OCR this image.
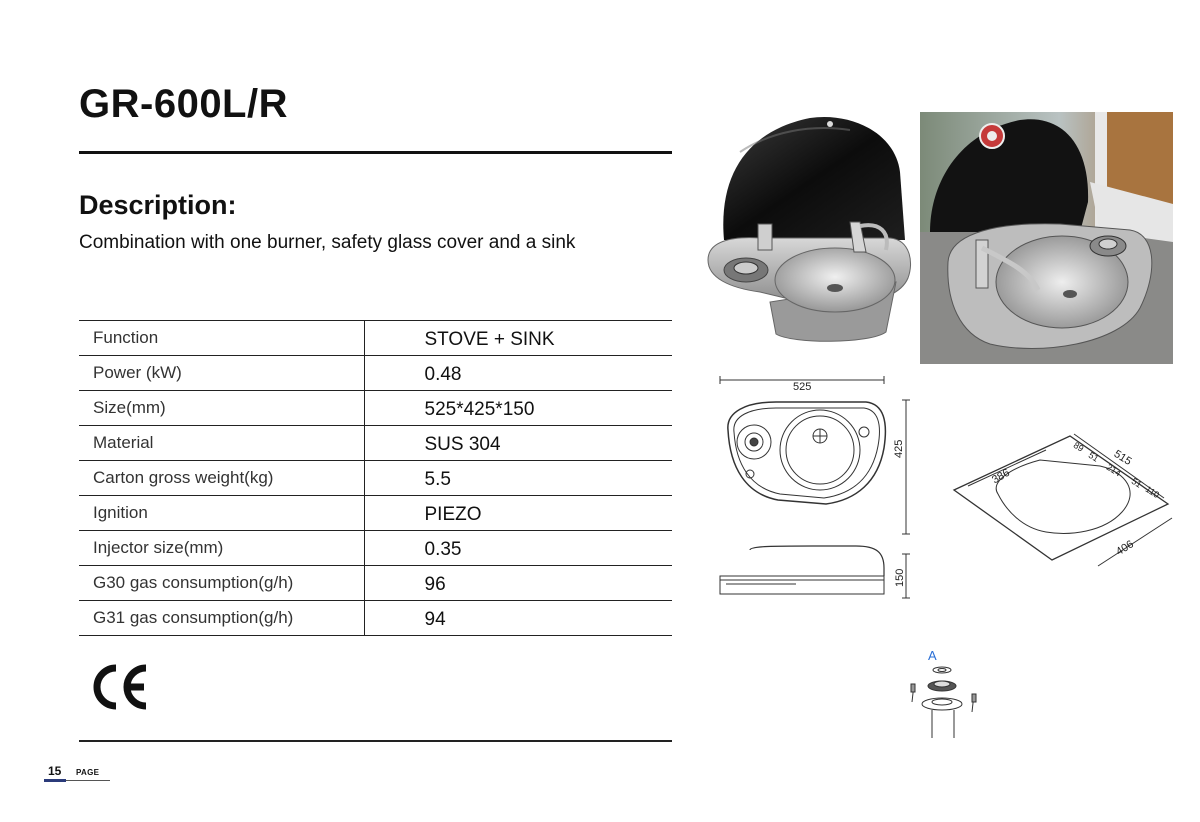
GR-600L/R
Description:
Combination with one burner, safety glass cover and a sink
Function	STOVE + SINK
Power (kW)	0.48
Size(mm)	525*425*150
Material	SUS 304
Carton gross weight(kg)	5.5
Ignition	PIEZO
Injector size(mm)	0.35
G30 gas consumption(g/h)	96
G31 gas consumption(g/h)	94
15 PAGE
525
425
150
515
386
406
89
51
214
51
110
A
